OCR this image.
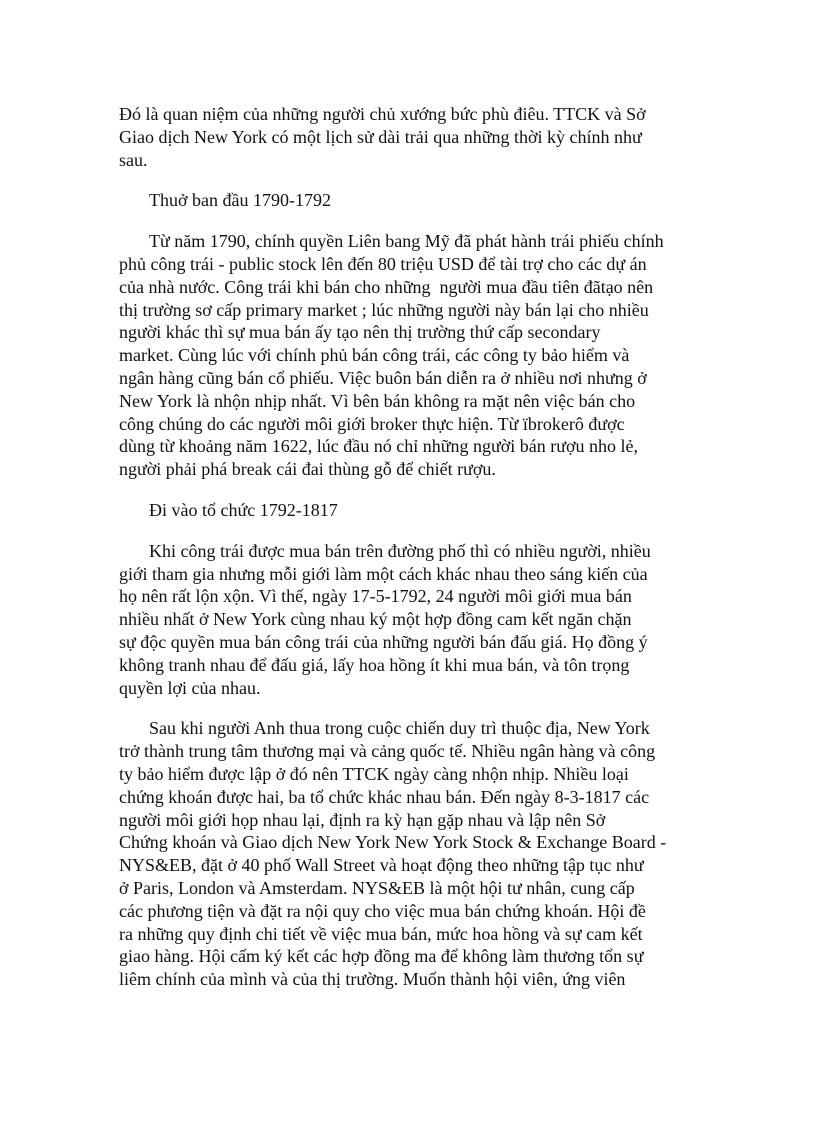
Đó là quan niệm của những người chủ xướng bức phù điêu. TTCK và Sở
Giao dịch New York có một lịch sử dài trải qua những thời kỳ chính như
sau.
Thuở ban đầu 1790-1792
Từ năm 1790, chính quyền Liên bang Mỹ đã phát hành trái phiếu chính
phủ công trái - public stock lên đến 80 triệu USD để tài trợ cho các dự án
của nhà nước. Công trái khi bán cho những  người mua đầu tiên đãtạo nên
thị trường sơ cấp primary market ; lúc những người này bán lại cho nhiều
người khác thì sự mua bán ấy tạo nên thị trường thứ cấp secondary
market. Cùng lúc với chính phủ bán công trái, các công ty bảo hiểm và
ngân hàng cũng bán cổ phiếu. Việc buôn bán diễn ra ở nhiều nơi nhưng ở
New York là nhộn nhịp nhất. Vì bên bán không ra mặt nên việc bán cho
công chúng do các người môi giới broker thực hiện. Từ ïbrokerô được
dùng từ khoảng năm 1622, lúc đầu nó chỉ những người bán rượu nho lẻ,
người phải phá break cái đai thùng gỗ để chiết rượu.
Đi vào tổ chức 1792-1817
Khi công trái được mua bán trên đường phố thì có nhiều người, nhiều
giới tham gia nhưng mỗi giới làm một cách khác nhau theo sáng kiến của
họ nên rất lộn xộn. Vì thế, ngày 17-5-1792, 24 người môi giới mua bán
nhiều nhất ở New York cùng nhau ký một hợp đồng cam kết ngăn chặn
sự độc quyền mua bán công trái của những người bán đấu giá. Họ đồng ý
không tranh nhau để đấu giá, lấy hoa hồng ít khi mua bán, và tôn trọng
quyền lợi của nhau.
Sau khi người Anh thua trong cuộc chiến duy trì thuộc địa, New York
trở thành trung tâm thương mại và cảng quốc tế. Nhiều ngân hàng và công
ty bảo hiểm được lập ở đó nên TTCK ngày càng nhộn nhịp. Nhiều loại
chứng khoán được hai, ba tổ chức khác nhau bán. Đến ngày 8-3-1817 các
người môi giới họp nhau lại, định ra kỳ hạn gặp nhau và lập nên Sở
Chứng khoán và Giao dịch New York New York Stock & Exchange Board -
NYS&EB, đặt ở 40 phố Wall Street và hoạt động theo những tập tục như
ở Paris, London và Amsterdam. NYS&EB là một hội tư nhân, cung cấp
các phương tiện và đặt ra nội quy cho việc mua bán chứng khoán. Hội đề
ra những quy định chi tiết về việc mua bán, mức hoa hồng và sự cam kết
giao hàng. Hội cấm ký kết các hợp đồng ma để không làm thương tổn sự
liêm chính của mình và của thị trường. Muốn thành hội viên, ứng viên
